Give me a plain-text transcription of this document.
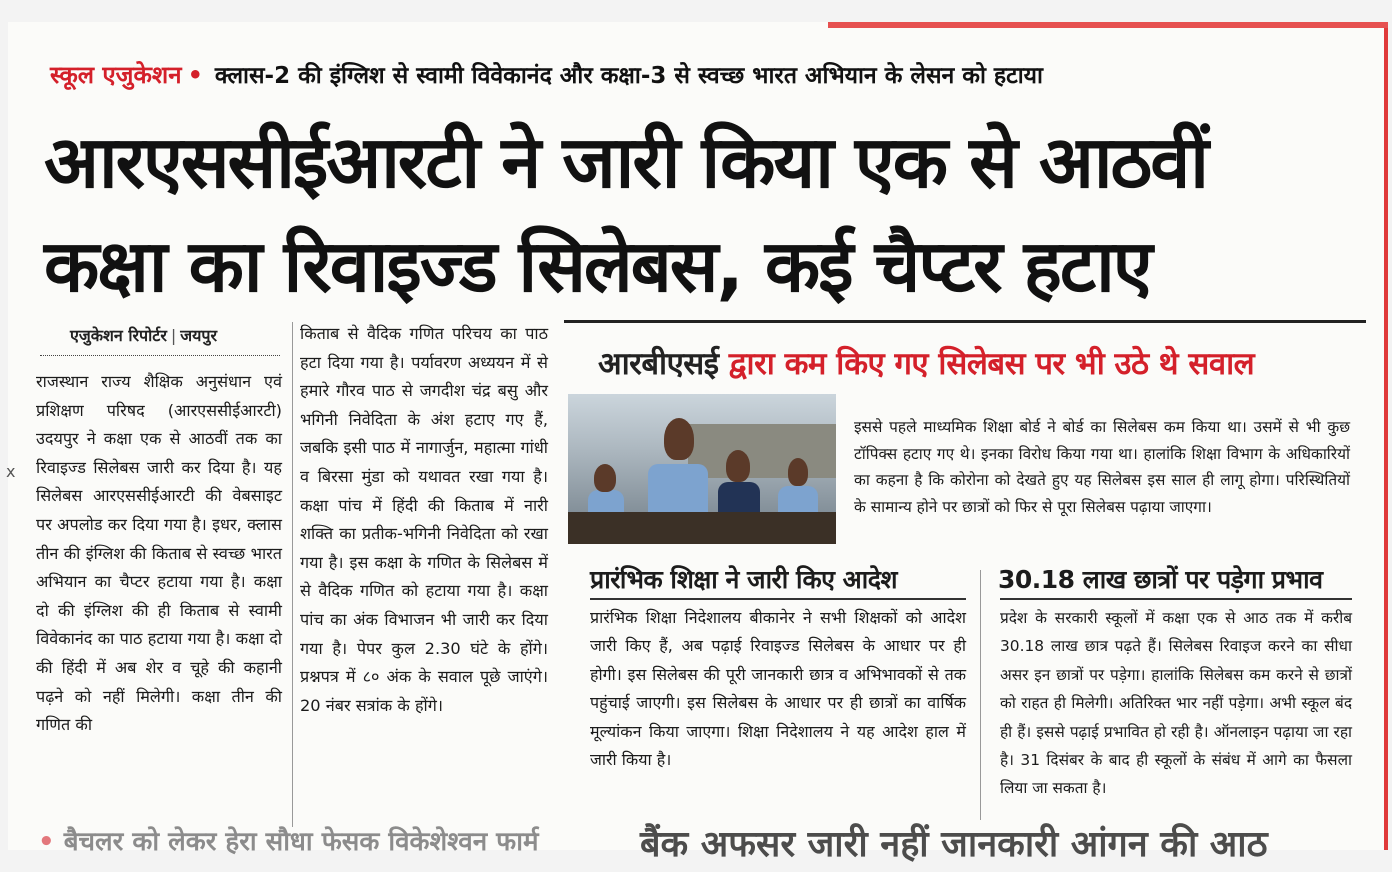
स्कूल एजुकेशन • क्लास-2 की इंग्लिश से स्वामी विवेकानंद और कक्षा-3 से स्वच्छ भारत अभियान के लेसन को हटाया
आरएससीईआरटी ने जारी किया एक से आठवीं
कक्षा का रिवाइज्ड सिलेबस, कई चैप्टर हटाए
एजुकेशन रिपोर्टर | जयपुर
x
राजस्थान राज्य शैक्षिक अनुसंधान एवं प्रशिक्षण परिषद (आरएससीईआरटी) उदयपुर ने कक्षा एक से आठवीं तक का रिवाइज्ड सिलेबस जारी कर दिया है। यह सिलेबस आरएससीईआरटी की वेबसाइट पर अपलोड कर दिया गया है। इधर, क्लास तीन की इंग्लिश की किताब से स्वच्छ भारत अभियान का चैप्टर हटाया गया है। कक्षा दो की इंग्लिश की ही किताब से स्वामी विवेकानंद का पाठ हटाया गया है। कक्षा दो की हिंदी में अब शेर व चूहे की कहानी पढ़ने को नहीं मिलेगी। कक्षा तीन की गणित की
किताब से वैदिक गणित परिचय का पाठ हटा दिया गया है। पर्यावरण अध्ययन में से हमारे गौरव पाठ से जगदीश चंद्र बसु और भगिनी निवेदिता के अंश हटाए गए हैं, जबकि इसी पाठ में नागार्जुन, महात्मा गांधी व बिरसा मुंडा को यथावत रखा गया है। कक्षा पांच में हिंदी की किताब में नारी शक्ति का प्रतीक-भगिनी निवेदिता को रखा गया है। इस कक्षा के गणित के सिलेबस में से वैदिक गणित को हटाया गया है। कक्षा पांच का अंक विभाजन भी जारी कर दिया गया है। पेपर कुल 2.30 घंटे के होंगे। प्रश्नपत्र में ८० अंक के सवाल पूछे जाएंगे। 20 नंबर सत्रांक के होंगे।
आरबीएसई द्वारा कम किए गए सिलेबस पर भी उठे थे सवाल
इससे पहले माध्यमिक शिक्षा बोर्ड ने बोर्ड का सिलेबस कम किया था। उसमें से भी कुछ टॉपिक्स हटाए गए थे। इनका विरोध किया गया था। हालांकि शिक्षा विभाग के अधिकारियों का कहना है कि कोरोना को देखते हुए यह सिलेबस इस साल ही लागू होगा। परिस्थितियों के सामान्य होने पर छात्रों को फिर से पूरा सिलेबस पढ़ाया जाएगा।
प्रारंभिक शिक्षा ने जारी किए आदेश
प्रारंभिक शिक्षा निदेशालय बीकानेर ने सभी शिक्षकों को आदेश जारी किए हैं, अब पढ़ाई रिवाइज्ड सिलेबस के आधार पर ही होगी। इस सिलेबस की पूरी जानकारी छात्र व अभिभावकों से तक पहुंचाई जाएगी। इस सिलेबस के आधार पर ही छात्रों का वार्षिक मूल्यांकन किया जाएगा। शिक्षा निदेशालय ने यह आदेश हाल में जारी किया है।
30.18 लाख छात्रों पर पड़ेगा प्रभाव
प्रदेश के सरकारी स्कूलों में कक्षा एक से आठ तक में करीब 30.18 लाख छात्र पढ़ते हैं। सिलेबस रिवाइज करने का सीधा असर इन छात्रों पर पड़ेगा। हालांकि सिलेबस कम करने से छात्रों को राहत ही मिलेगी। अतिरिक्त भार नहीं पड़ेगा। अभी स्कूल बंद ही हैं। इससे पढ़ाई प्रभावित हो रही है। ऑनलाइन पढ़ाया जा रहा है। 31 दिसंबर के बाद ही स्कूलों के संबंध में आगे का फैसला लिया जा सकता है।
• बैचलर को लेकर हेरा सौधा फेसक विकेशेश्वन फार्म	बैंक अफसर जारी नहीं जानकारी आंगन की आठ
